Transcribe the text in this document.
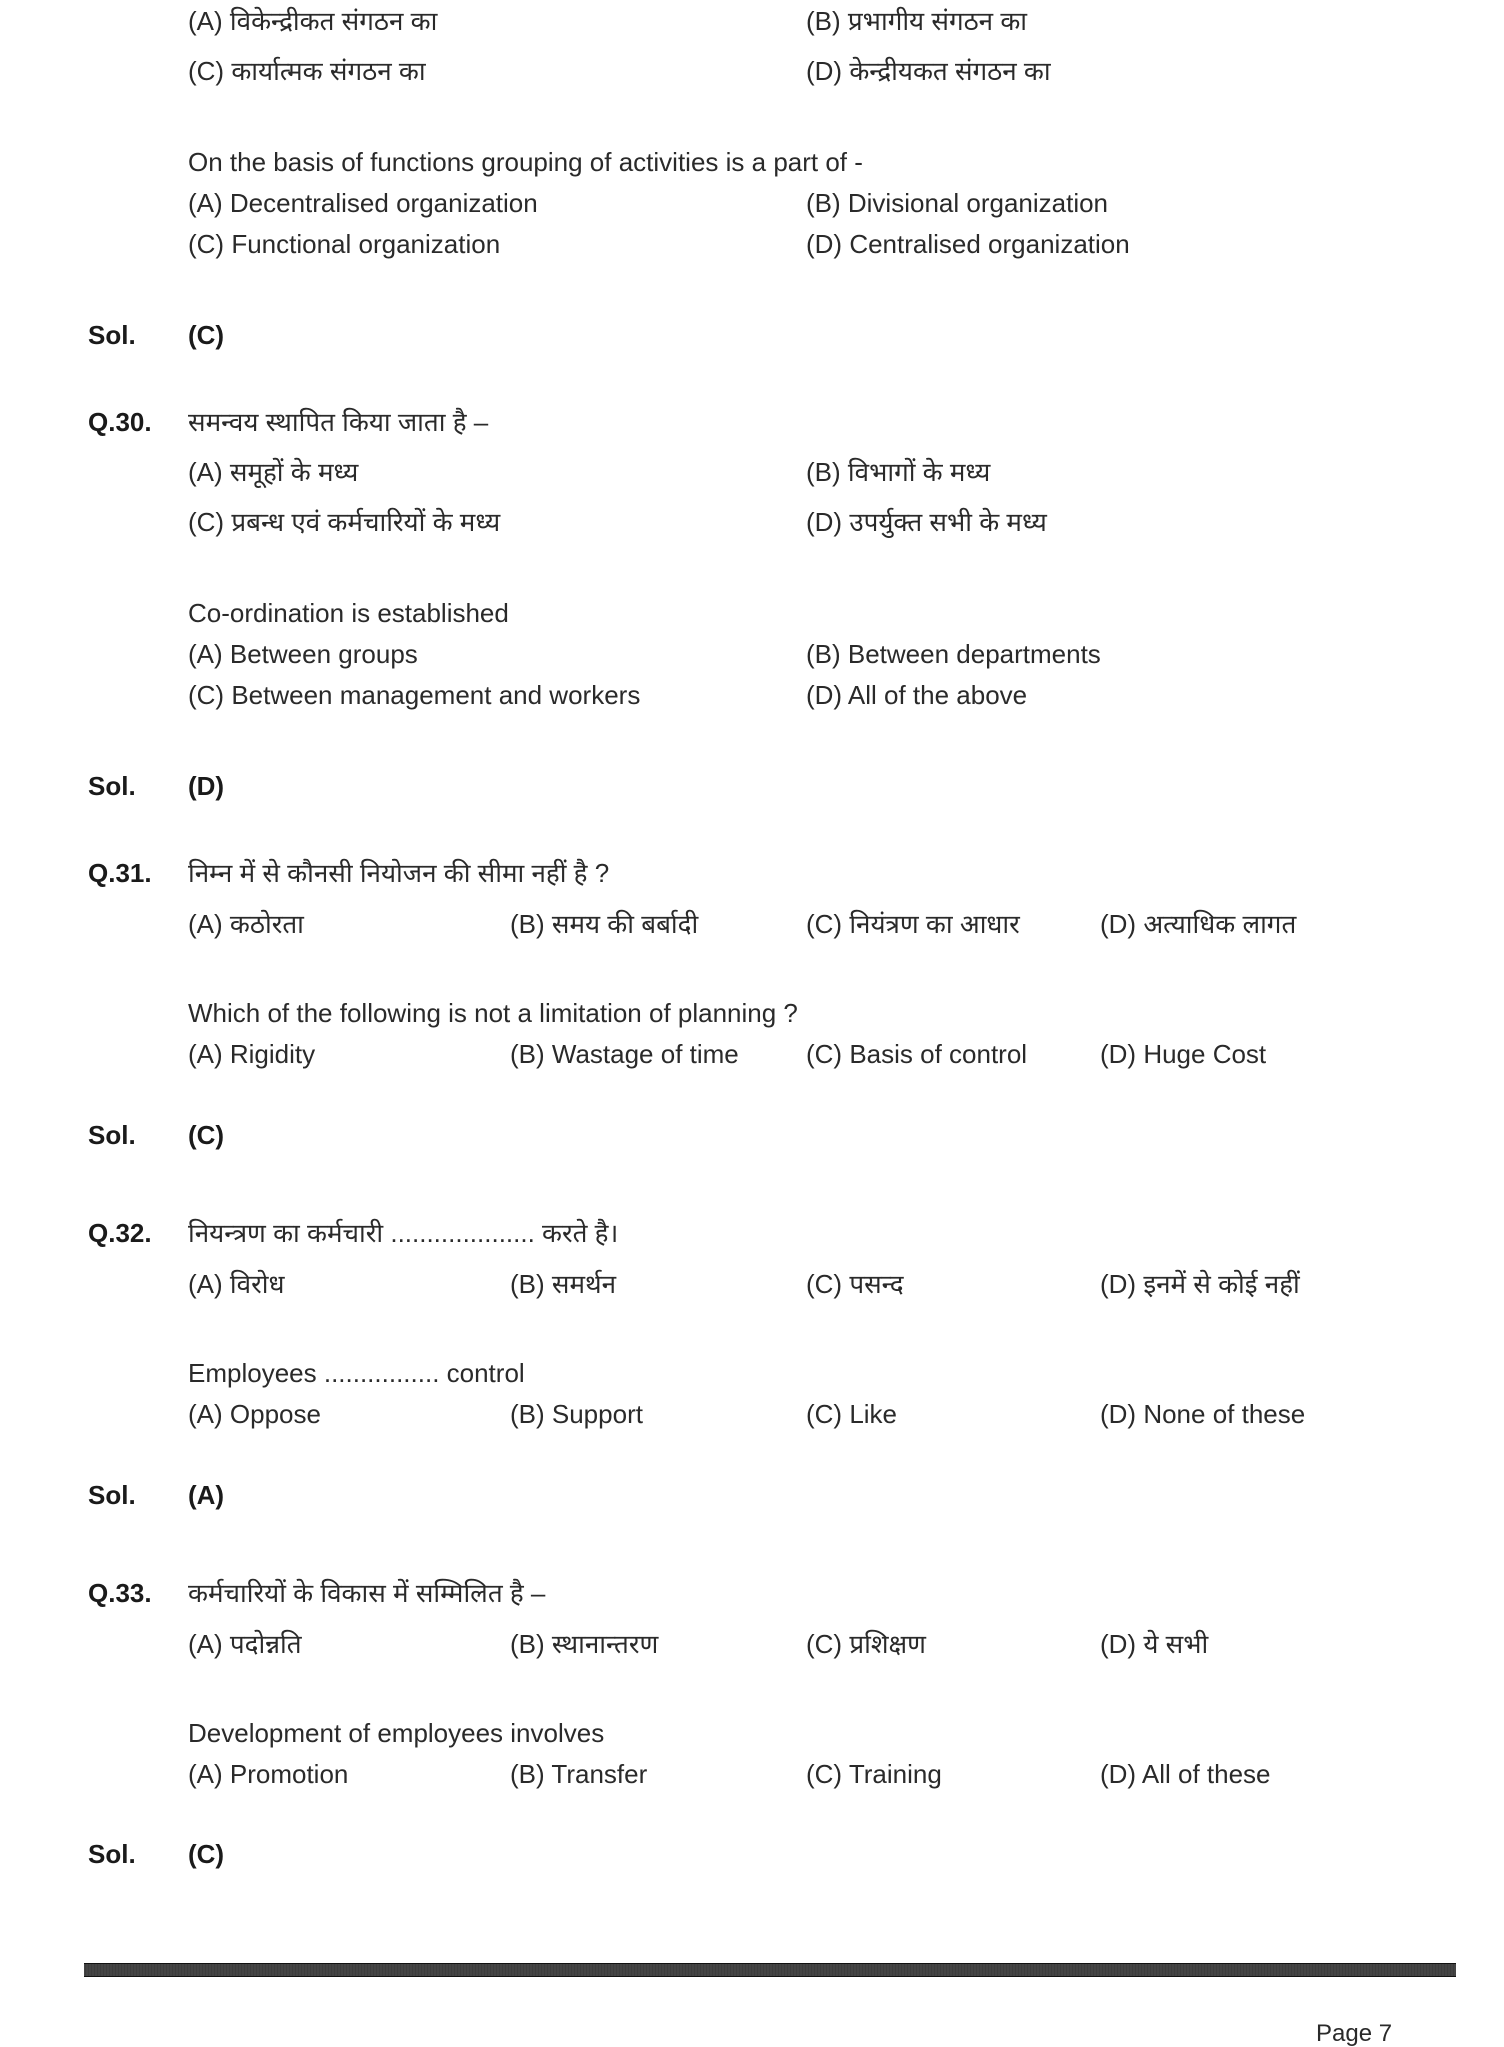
(A) विकेन्द्रीकत संगठन का	(B) प्रभागीय संगठन का
(C) कार्यात्मक संगठन का	(D) केन्द्रीयकत संगठन का
On the basis of functions grouping of activities is a part of -
(A) Decentralised organization	(B) Divisional organization
(C) Functional organization	(D) Centralised organization
Sol. (C)
Q.30. समन्वय स्थापित किया जाता है –
(A) समूहों के मध्य	(B) विभागों के मध्य
(C) प्रबन्ध एवं कर्मचारियों के मध्य	(D) उपर्युक्त सभी के मध्य
Co-ordination is established
(A) Between groups	(B) Between departments
(C) Between management and workers	(D) All of the above
Sol. (D)
Q.31. निम्न में से कौनसी नियोजन की सीमा नहीं है ?
(A) कठोरता	(B) समय की बर्बादी	(C) नियंत्रण का आधार	(D) अत्याधिक लागत
Which of the following is not a limitation of planning ?
(A) Rigidity	(B) Wastage of time	(C) Basis of control	(D) Huge Cost
Sol. (C)
Q.32. नियन्त्रण का कर्मचारी .................... करते है।
(A) विरोध	(B) समर्थन	(C) पसन्द	(D) इनमें से कोई नहीं
Employees ................ control
(A) Oppose	(B) Support	(C) Like	(D) None of these
Sol. (A)
Q.33. कर्मचारियों के विकास में सम्मिलित है –
(A) पदोन्नति	(B) स्थानान्तरण	(C) प्रशिक्षण	(D) ये सभी
Development of employees involves
(A) Promotion	(B) Transfer	(C) Training	(D) All of these
Sol. (C)
Page 7
